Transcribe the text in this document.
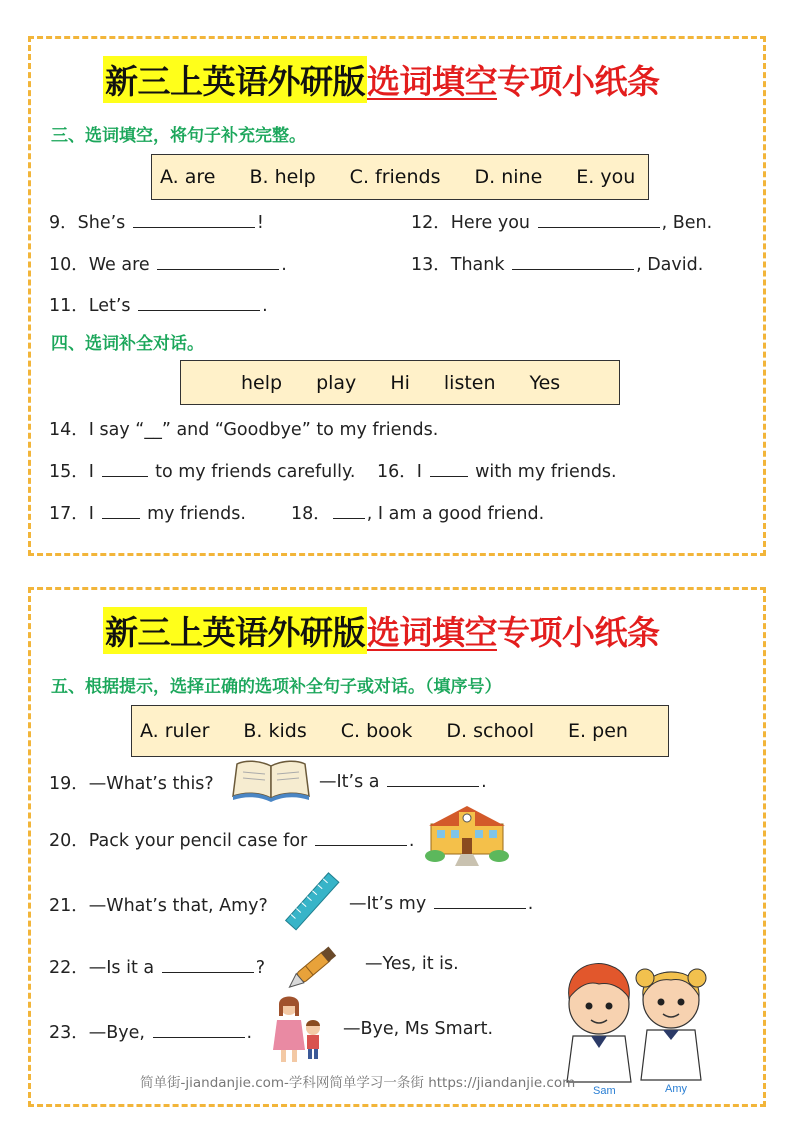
新三上英语外研版 选词填空 专项小纸条
三、选词填空，将句子补充完整。
A. are B. help C. friends D. nine E. you
9．She’s	!	12．Here you	, Ben.
10．We are	.	13．Thank	, David.
11．Let’s	.
四、选词补全对话。
help play Hi listen Yes
14．I say “__” and “Goodbye” to my friends.
15．I	to my friends carefully. 16．I	with my friends.
17．I	my friends.	18． , I am a good friend.
新三上英语外研版 选词填空 专项小纸条
五、根据提示，选择正确的选项补全句子或对话。（填序号）
A. ruler B. kids C. book D. school E. pen
19．—What’s this?	—It’s a	.
20．Pack your pencil case for	.
21．—What’s that, Amy?	—It’s my	.
22．—Is it a	?	—Yes, it is.
23．—Bye,	.	—Bye, Ms Smart.
Sam	Amy
简单街-jiandanjie.com-学科网简单学习一条街 https://jiandanjie.com
